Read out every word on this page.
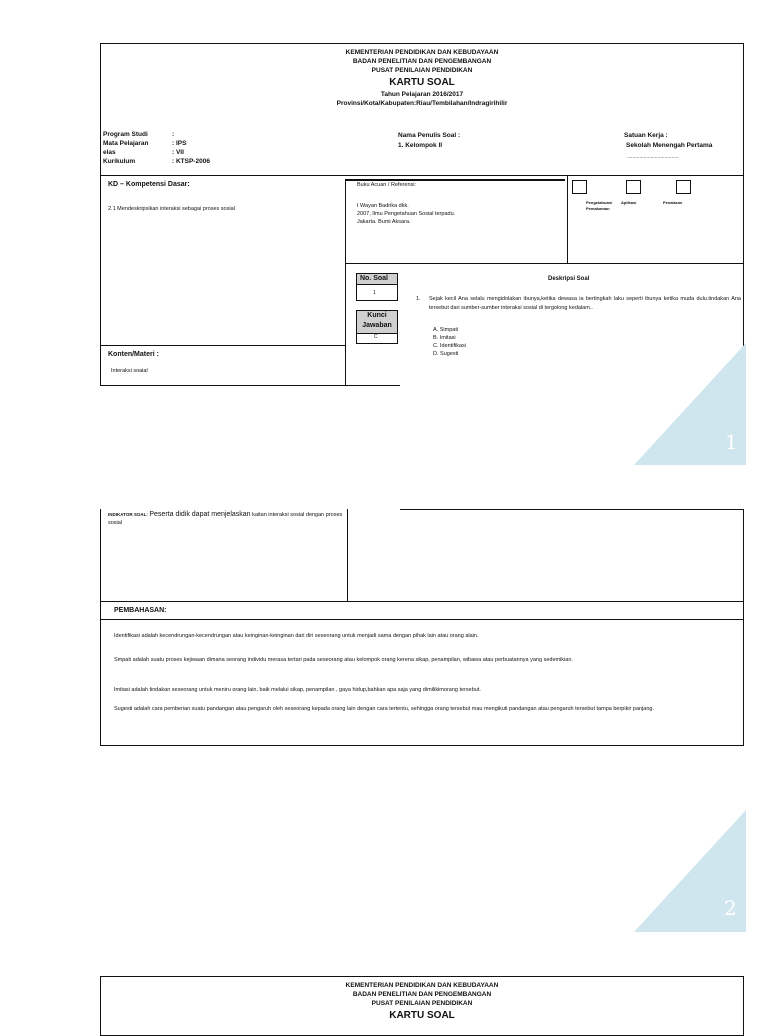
KEMENTERIAN PENDIDIKAN DAN KEBUDAYAAN
BADAN PENELITIAN DAN PENGEMBANGAN
PUSAT PENILAIAN PENDIDIKAN
KARTU SOAL
Tahun Pelajaran 2016/2017
Provinsi/Kota/Kabupaten:Riau/Tembilahan/Indragirihilir
Program Studi
Mata Pelajaran
elas
Kurikulum
:
: IPS
: VII
: KTSP-2006
Nama Penulis Soal :
1. Kelompok II
Satuan Kerja :
Sekolah Menengah Pertama
.....................................
KD – Kompetensi Dasar:
2.1 Mendeskripsikan interaksi sebagai proses sosial
Buku Acuan / Referensi:
I Wayan Badrika dkk.
2007, Ilmu Pengetahuan Sosial terpadu.
Jakarta. Bumi Aksara.
Pengetahuan/ Pemahaman
Aplikasi	Penalaran
No. Soal
1
Kunci Jawaban
C
Deskripsi Soal
1. Sejak kecil Ana selalu mengidolakan ibunya,ketika dewasa ia bertingkah laku seperti ibunya ketika muda dulu.tindakan Ana tersebut dari sumber-sumber interaksi sosial di tergolong kedalam..
A. Simpati
B. Imitasi
C. Identifikasi
D. Sugesti
Konten/Materi :
Interaksi soaial
1
INDIKATOR SOAL: Peserta didik dapat menjelaskan kaitan interaksi sosial dengan proses sosial
PEMBAHASAN:
Identifikasi adalah kecendrungan-kecendrungan atau keinginan-keinginan dari diri seseorang untuk menjadi sama dengan pihak lain atau orang alain.
Smpati adalah suatu proses kejiwaan dimana seorang individu merasa tertari pada seseorang atau kelompok orang kerena sikap, penampilan, wibawa atau perbuatannya yang sedemikian.
Imitasi adalah tindakan seseorang untuk meniru orang lain, baik melalui sikap, penampilan , gaya hidup,bahkan apa saja yang dimilikimorang tersebut.
Sugesti adalah cara pemberian suatu pandangan atau pengaruh oleh seseorang kepada orang lain dengan cara tertentu, sehingga orang tersebut mau mengikuti pandangan atau pengaruh tersebut tampa berpikir panjang.
2
KEMENTERIAN PENDIDIKAN DAN KEBUDAYAAN
BADAN PENELITIAN DAN PENGEMBANGAN
PUSAT PENILAIAN PENDIDIKAN
KARTU SOAL
